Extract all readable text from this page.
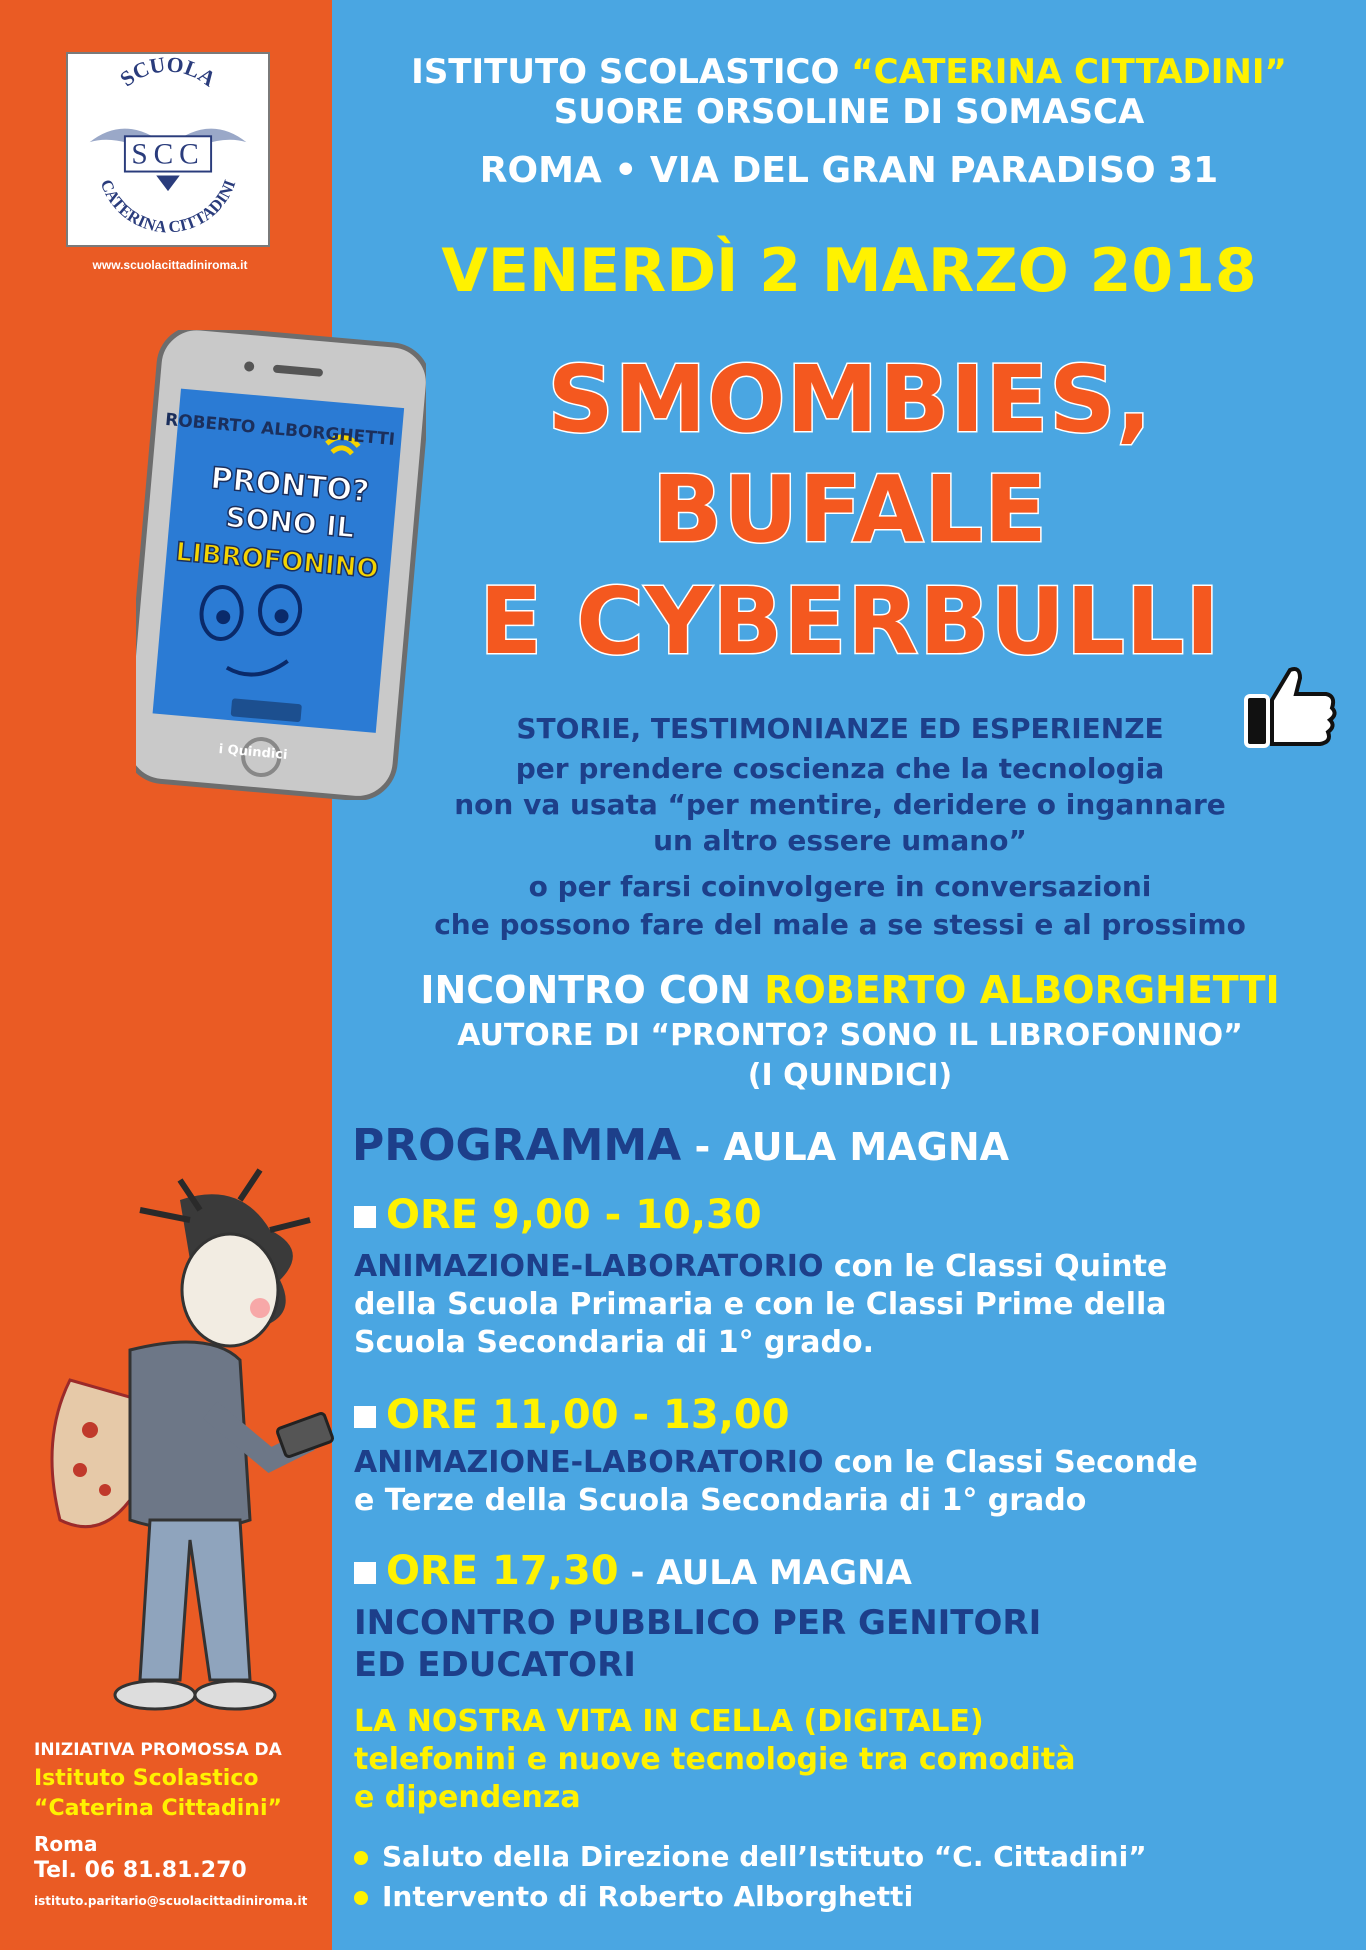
SCUOLA
CATERINA CITTADINI
SCC
www.scuolacittadiniroma.it
ISTITUTO SCOLASTICO “CATERINA CITTADINI”
SUORE ORSOLINE DI SOMASCA
ROMA • VIA DEL GRAN PARADISO 31
VENERDÌ 2 MARZO 2018
SMOMBIES,
BUFALE
E CYBERBULLI
ROBERTO ALBORGHETTI
PRONTO?
SONO IL
LIBROFONINO
i Quindici
STORIE, TESTIMONIANZE ED ESPERIENZE
per prendere coscienza che la tecnologia
non va usata “per mentire, deridere o ingannare
un altro essere umano”
o per farsi coinvolgere in conversazioni
che possono fare del male a se stessi e al prossimo
INCONTRO CON ROBERTO ALBORGHETTI
AUTORE DI “PRONTO? SONO IL LIBROFONINO”
(I QUINDICI)
PROGRAMMA - AULA MAGNA
ORE 9,00 - 10,30
ANIMAZIONE-LABORATORIO con le Classi Quinte
della Scuola Primaria e con le Classi Prime della
Scuola Secondaria di 1° grado.
ORE 11,00 - 13,00
ANIMAZIONE-LABORATORIO con le Classi Seconde
e Terze della Scuola Secondaria di 1° grado
ORE 17,30 - AULA MAGNA
INCONTRO PUBBLICO PER GENITORI
ED EDUCATORI
LA NOSTRA VITA IN CELLA (DIGITALE)
telefonini e nuove tecnologie tra comodità
e dipendenza
Saluto della Direzione dell’Istituto “C. Cittadini”
Intervento di Roberto Alborghetti
INIZIATIVA PROMOSSA DA
Istituto Scolastico
“Caterina Cittadini”
Roma
Tel. 06 81.81.270
istituto.paritario@scuolacittadiniroma.it
